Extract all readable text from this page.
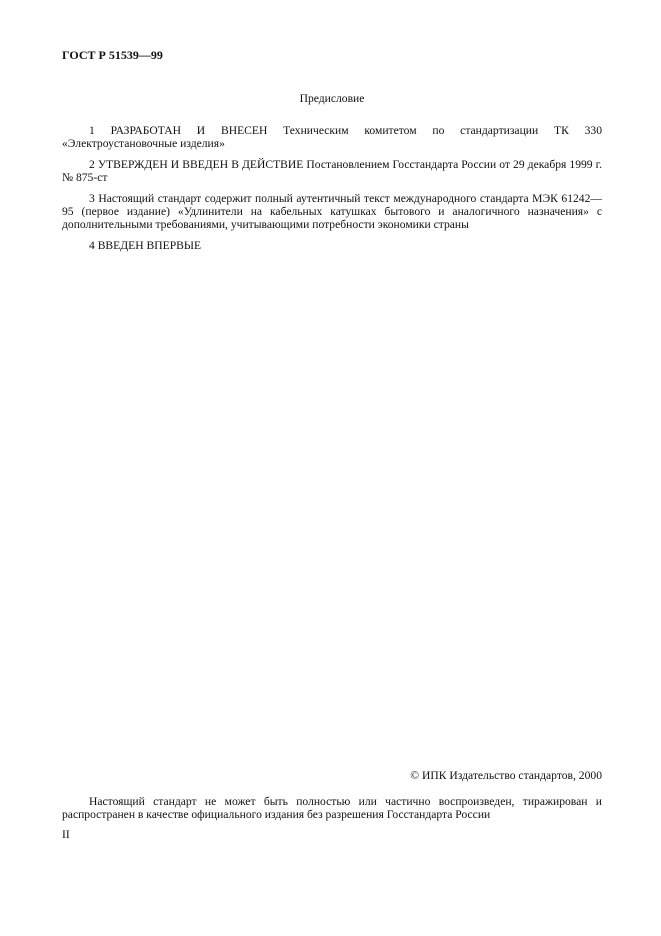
ГОСТ Р 51539—99
Предисловие

1 РАЗРАБОТАН И ВНЕСЕН Техническим комитетом по стандартизации ТК 330 «Электроустановочные изделия»

2 УТВЕРЖДЕН И ВВЕДЕН В ДЕЙСТВИЕ Постановлением Госстандарта России от 29 декабря 1999 г. № 875-ст

3 Настоящий стандарт содержит полный аутентичный текст международного стандарта МЭК 61242—95 (первое издание) «Удлинители на кабельных катушках бытового и аналогичного назначения» с дополнительными требованиями, учитывающими потребности экономики страны

4 ВВЕДЕН ВПЕРВЫЕ

© ИПК Издательство стандартов, 2000

Настоящий стандарт не может быть полностью или частично воспроизведен, тиражирован и распространен в качестве официального издания без разрешения Госстандарта России

II
